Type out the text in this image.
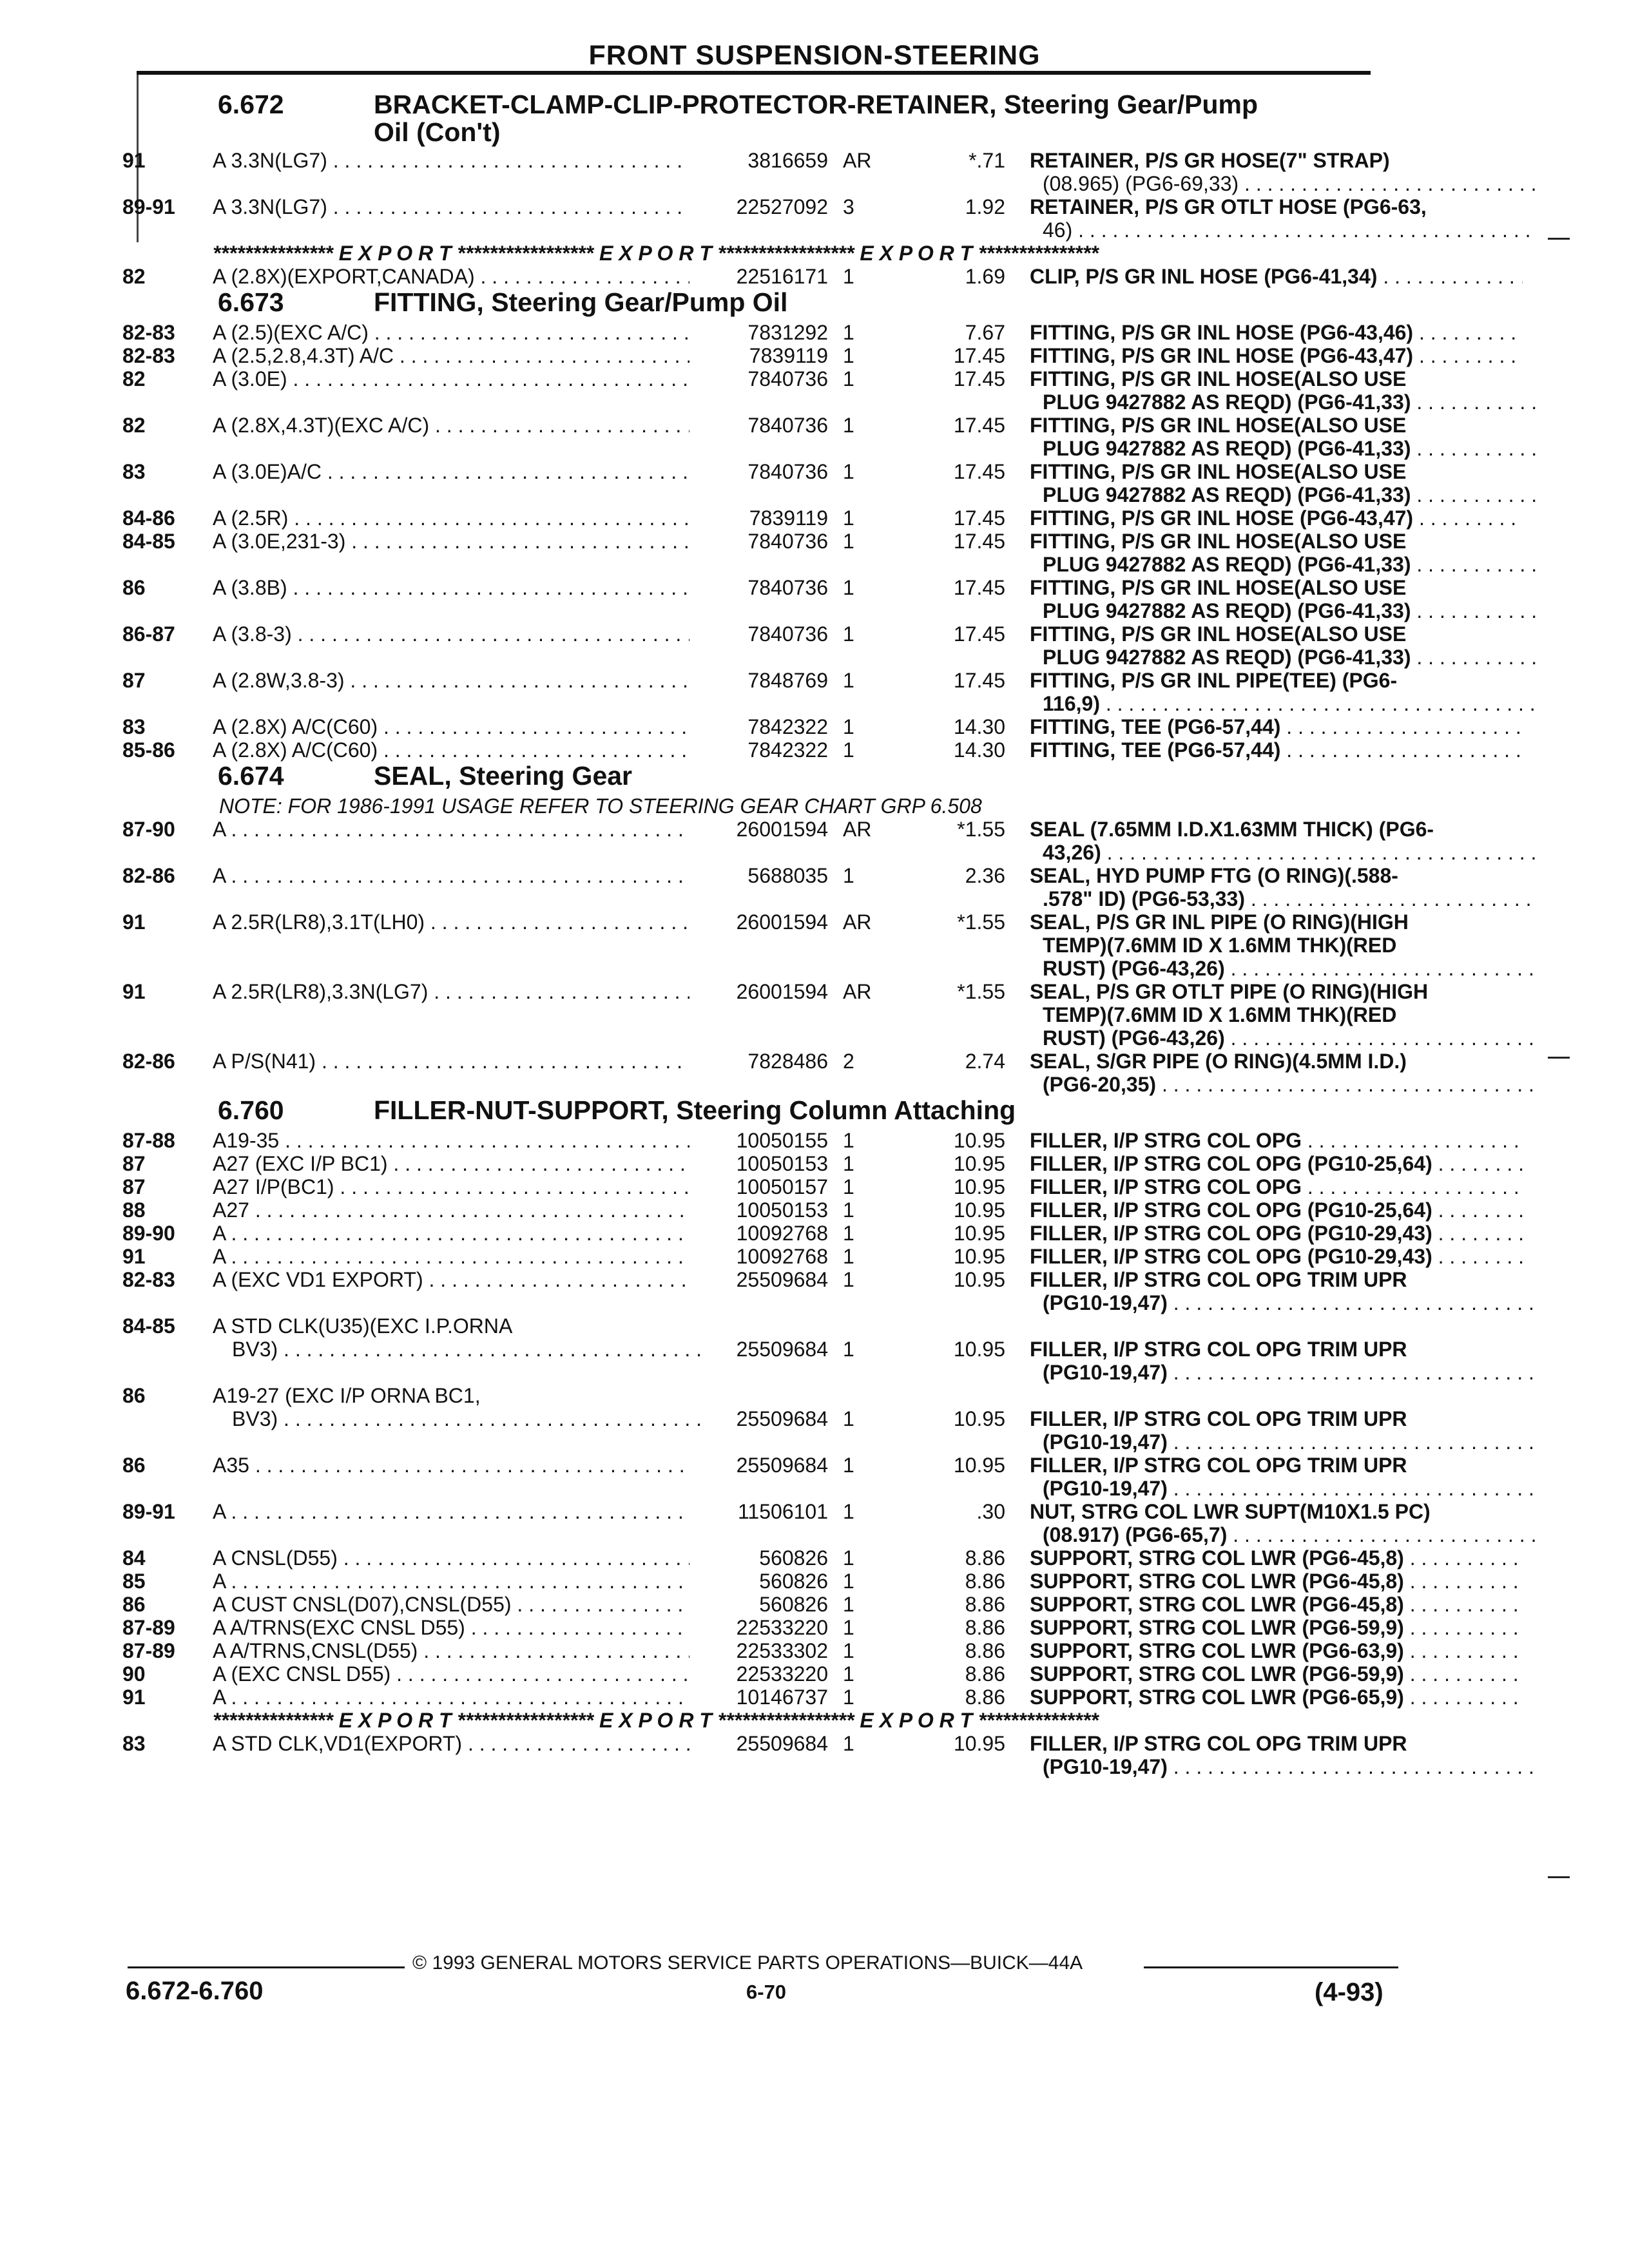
FRONT SUSPENSION-STEERING
6.672	BRACKET-CLAMP-CLIP-PROTECTOR-RETAINER, Steering Gear/Pump
Oil (Con't)
91	A 3.3N(LG7) . . .	3816659 AR	*.71 RETAINER, P/S GR HOSE(7" STRAP)
(08.965) (PG6-69,33) . . .
89-91	A 3.3N(LG7) . . .	22527092 3	1.92 RETAINER, P/S GR OTLT HOSE (PG6-63,
46) . . .
*************** E X P O R T ***************** E X P O R T ***************** E X P O R T ***************
82	A (2.8X)(EXPORT,CANADA) . . .	22516171 1	1.69 CLIP, P/S GR INL HOSE (PG6-41,34) . . .
6.673	FITTING, Steering Gear/Pump Oil
82-83	A (2.5)(EXC A/C) . . .	7831292 1	7.67 FITTING, P/S GR INL HOSE (PG6-43,46) . . .
82-83	A (2.5,2.8,4.3T) A/C . . .	7839119 1	17.45 FITTING, P/S GR INL HOSE (PG6-43,47) . . .
82	A (3.0E) . . .	7840736 1	17.45 FITTING, P/S GR INL HOSE(ALSO USE
PLUG 9427882 AS REQD) (PG6-41,33) . . .
82	A (2.8X,4.3T)(EXC A/C) . . .	7840736 1	17.45 FITTING, P/S GR INL HOSE(ALSO USE
PLUG 9427882 AS REQD) (PG6-41,33) . . .
83	A (3.0E)A/C . . .	7840736 1	17.45 FITTING, P/S GR INL HOSE(ALSO USE
PLUG 9427882 AS REQD) (PG6-41,33) . . .
84-86	A (2.5R) . . .	7839119 1	17.45 FITTING, P/S GR INL HOSE (PG6-43,47) . . .
84-85	A (3.0E,231-3) . . .	7840736 1	17.45 FITTING, P/S GR INL HOSE(ALSO USE
PLUG 9427882 AS REQD) (PG6-41,33) . . .
86	A (3.8B) . . .	7840736 1	17.45 FITTING, P/S GR INL HOSE(ALSO USE
PLUG 9427882 AS REQD) (PG6-41,33) . . .
86-87	A (3.8-3) . . .	7840736 1	17.45 FITTING, P/S GR INL HOSE(ALSO USE
PLUG 9427882 AS REQD) (PG6-41,33) . . .
87	A (2.8W,3.8-3) . . .	7848769 1	17.45 FITTING, P/S GR INL PIPE(TEE) (PG6-
116,9) . . .
83	A (2.8X) A/C(C60) . . .	7842322 1	14.30 FITTING, TEE (PG6-57,44) . . .
85-86	A (2.8X) A/C(C60) . . .	7842322 1	14.30 FITTING, TEE (PG6-57,44) . . .
6.674	SEAL, Steering Gear
NOTE: FOR 1986-1991 USAGE REFER TO STEERING GEAR CHART GRP 6.508
87-90	A . . .	26001594 AR	*1.55 SEAL (7.65MM I.D.X1.63MM THICK) (PG6-
43,26) . . .
82-86	A . . .	5688035 1	2.36 SEAL, HYD PUMP FTG (O RING)(.588-
.578" ID) (PG6-53,33) . . .
91	A 2.5R(LR8),3.1T(LH0) . . .	26001594 AR	*1.55 SEAL, P/S GR INL PIPE (O RING)(HIGH
TEMP)(7.6MM ID X 1.6MM THK)(RED
RUST) (PG6-43,26) . . .
91	A 2.5R(LR8),3.3N(LG7) . . .	26001594 AR	*1.55 SEAL, P/S GR OTLT PIPE (O RING)(HIGH
TEMP)(7.6MM ID X 1.6MM THK)(RED
RUST) (PG6-43,26) . . .
82-86	A P/S(N41) . . .	7828486 2	2.74 SEAL, S/GR PIPE (O RING)(4.5MM I.D.)
(PG6-20,35) . . .
6.760	FILLER-NUT-SUPPORT, Steering Column Attaching
87-88	A19-35 . . .	10050155 1	10.95 FILLER, I/P STRG COL OPG . . .
87	A27 (EXC I/P BC1) . . .	10050153 1	10.95 FILLER, I/P STRG COL OPG (PG10-25,64) . . .
87	A27 I/P(BC1) . . .	10050157 1	10.95 FILLER, I/P STRG COL OPG . . .
88	A27 . . .	10050153 1	10.95 FILLER, I/P STRG COL OPG (PG10-25,64) . . .
89-90	A . . .	10092768 1	10.95 FILLER, I/P STRG COL OPG (PG10-29,43) . . .
91	A . . .	10092768 1	10.95 FILLER, I/P STRG COL OPG (PG10-29,43) . . .
82-83	A (EXC VD1 EXPORT) . . .	25509684 1	10.95 FILLER, I/P STRG COL OPG TRIM UPR
(PG10-19,47) . . .
84-85	A STD CLK(U35)(EXC I.P.ORNA
BV3) . . .	25509684 1	10.95 FILLER, I/P STRG COL OPG TRIM UPR
(PG10-19,47) . . .
86	A19-27 (EXC I/P ORNA BC1,
BV3) . . .	25509684 1	10.95 FILLER, I/P STRG COL OPG TRIM UPR
(PG10-19,47) . . .
86	A35 . . .	25509684 1	10.95 FILLER, I/P STRG COL OPG TRIM UPR
(PG10-19,47) . . .
89-91	A . . .	11506101 1	.30 NUT, STRG COL LWR SUPT(M10X1.5 PC)
(08.917) (PG6-65,7) . . .
84	A CNSL(D55) . . .	560826 1	8.86 SUPPORT, STRG COL LWR (PG6-45,8) . . .
85	A . . .	560826 1	8.86 SUPPORT, STRG COL LWR (PG6-45,8) . . .
86	A CUST CNSL(D07),CNSL(D55) . . .	560826 1	8.86 SUPPORT, STRG COL LWR (PG6-45,8) . . .
87-89	A A/TRNS(EXC CNSL D55) . . .	22533220 1	8.86 SUPPORT, STRG COL LWR (PG6-59,9) . . .
87-89	A A/TRNS,CNSL(D55) . . .	22533302 1	8.86 SUPPORT, STRG COL LWR (PG6-63,9) . . .
90	A (EXC CNSL D55) . . .	22533220 1	8.86 SUPPORT, STRG COL LWR (PG6-59,9) . . .
91	A . . .	10146737 1	8.86 SUPPORT, STRG COL LWR (PG6-65,9) . . .
*************** E X P O R T ***************** E X P O R T ***************** E X P O R T ***************
83	A STD CLK,VD1(EXPORT) . . .	25509684 1	10.95 FILLER, I/P STRG COL OPG TRIM UPR
(PG10-19,47) . . .
© 1993 GENERAL MOTORS SERVICE PARTS OPERATIONS—BUICK—44A
6.672-6.760	6-70	(4-93)
